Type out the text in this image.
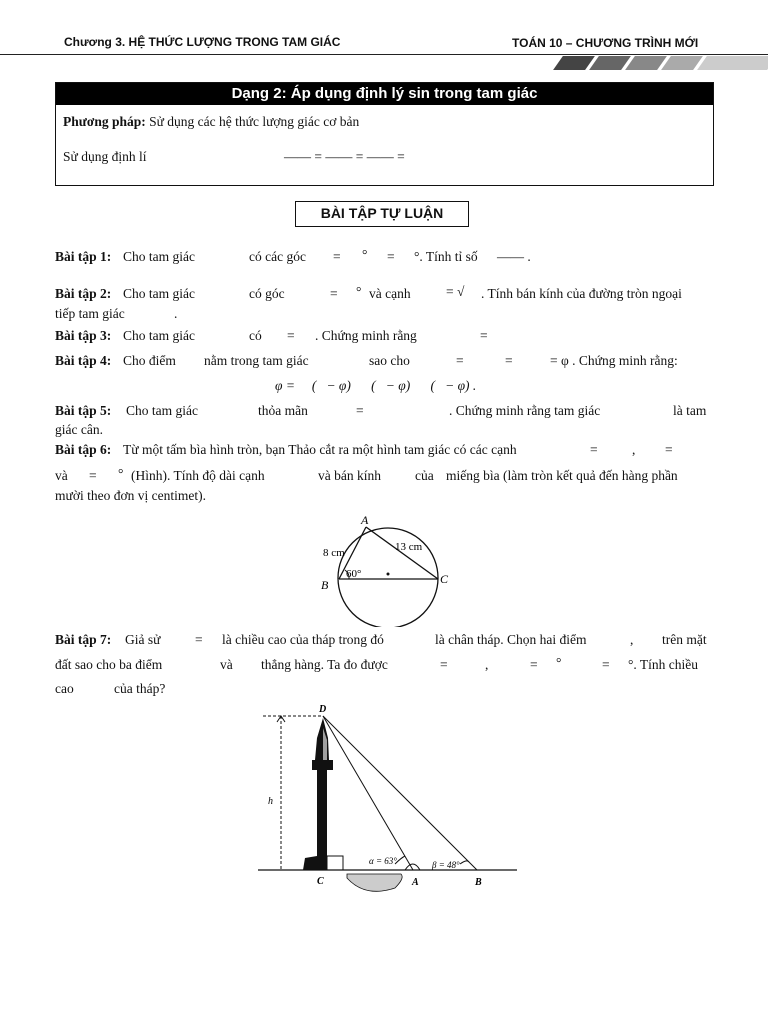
Chương 3. HỆ THỨC LƯỢNG TRONG TAM GIÁC	TOÁN 10 – CHƯƠNG TRÌNH MỚI
Dạng 2: Áp dụng định lý sin trong tam giác
Phương pháp: Sử dụng các hệ thức lượng giác cơ bản
Sử dụng định lí	—— = —— = —— =
BÀI TẬP TỰ LUẬN
Bài tập 1: Cho tam giác	có các góc = ° = °. Tính tỉ số —— .
Bài tập 2: Cho tam giác	có góc	= ° và cạnh	= √ . Tính bán kính của đường tròn ngoại
tiếp tam giác	.
Bài tập 3: Cho tam giác	có = . Chứng minh rằng	=
Bài tập 4: Cho điểm nằm trong tam giác	sao cho	=	=	= φ . Chứng minh rằng:
φ =     (   − φ)      (   − φ)      (   − φ) .
Bài tập 5: Cho tam giác	thỏa mãn	=	. Chứng minh rằng tam giác	là tam
giác cân.
Bài tập 6: Từ một tấm bìa hình tròn, bạn Thảo cắt ra một hình tam giác có các cạnh	=	, =
và = ° (Hình). Tính độ dài cạnh	và bán kính	của miếng bìa (làm tròn kết quả đến hàng phần
mười theo đơn vị centimet).
A
B	C
8 cm	13 cm
60°
Bài tập 7: Giả sử	= là chiều cao của tháp trong đó	là chân tháp. Chọn hai điểm	, trên mặt
đất sao cho ba điểm	và thẳng hàng. Ta đo được	=	,	= °	= °. Tính chiều
cao	của tháp?
h
D
C	A	B
α = 63°	β = 48°
